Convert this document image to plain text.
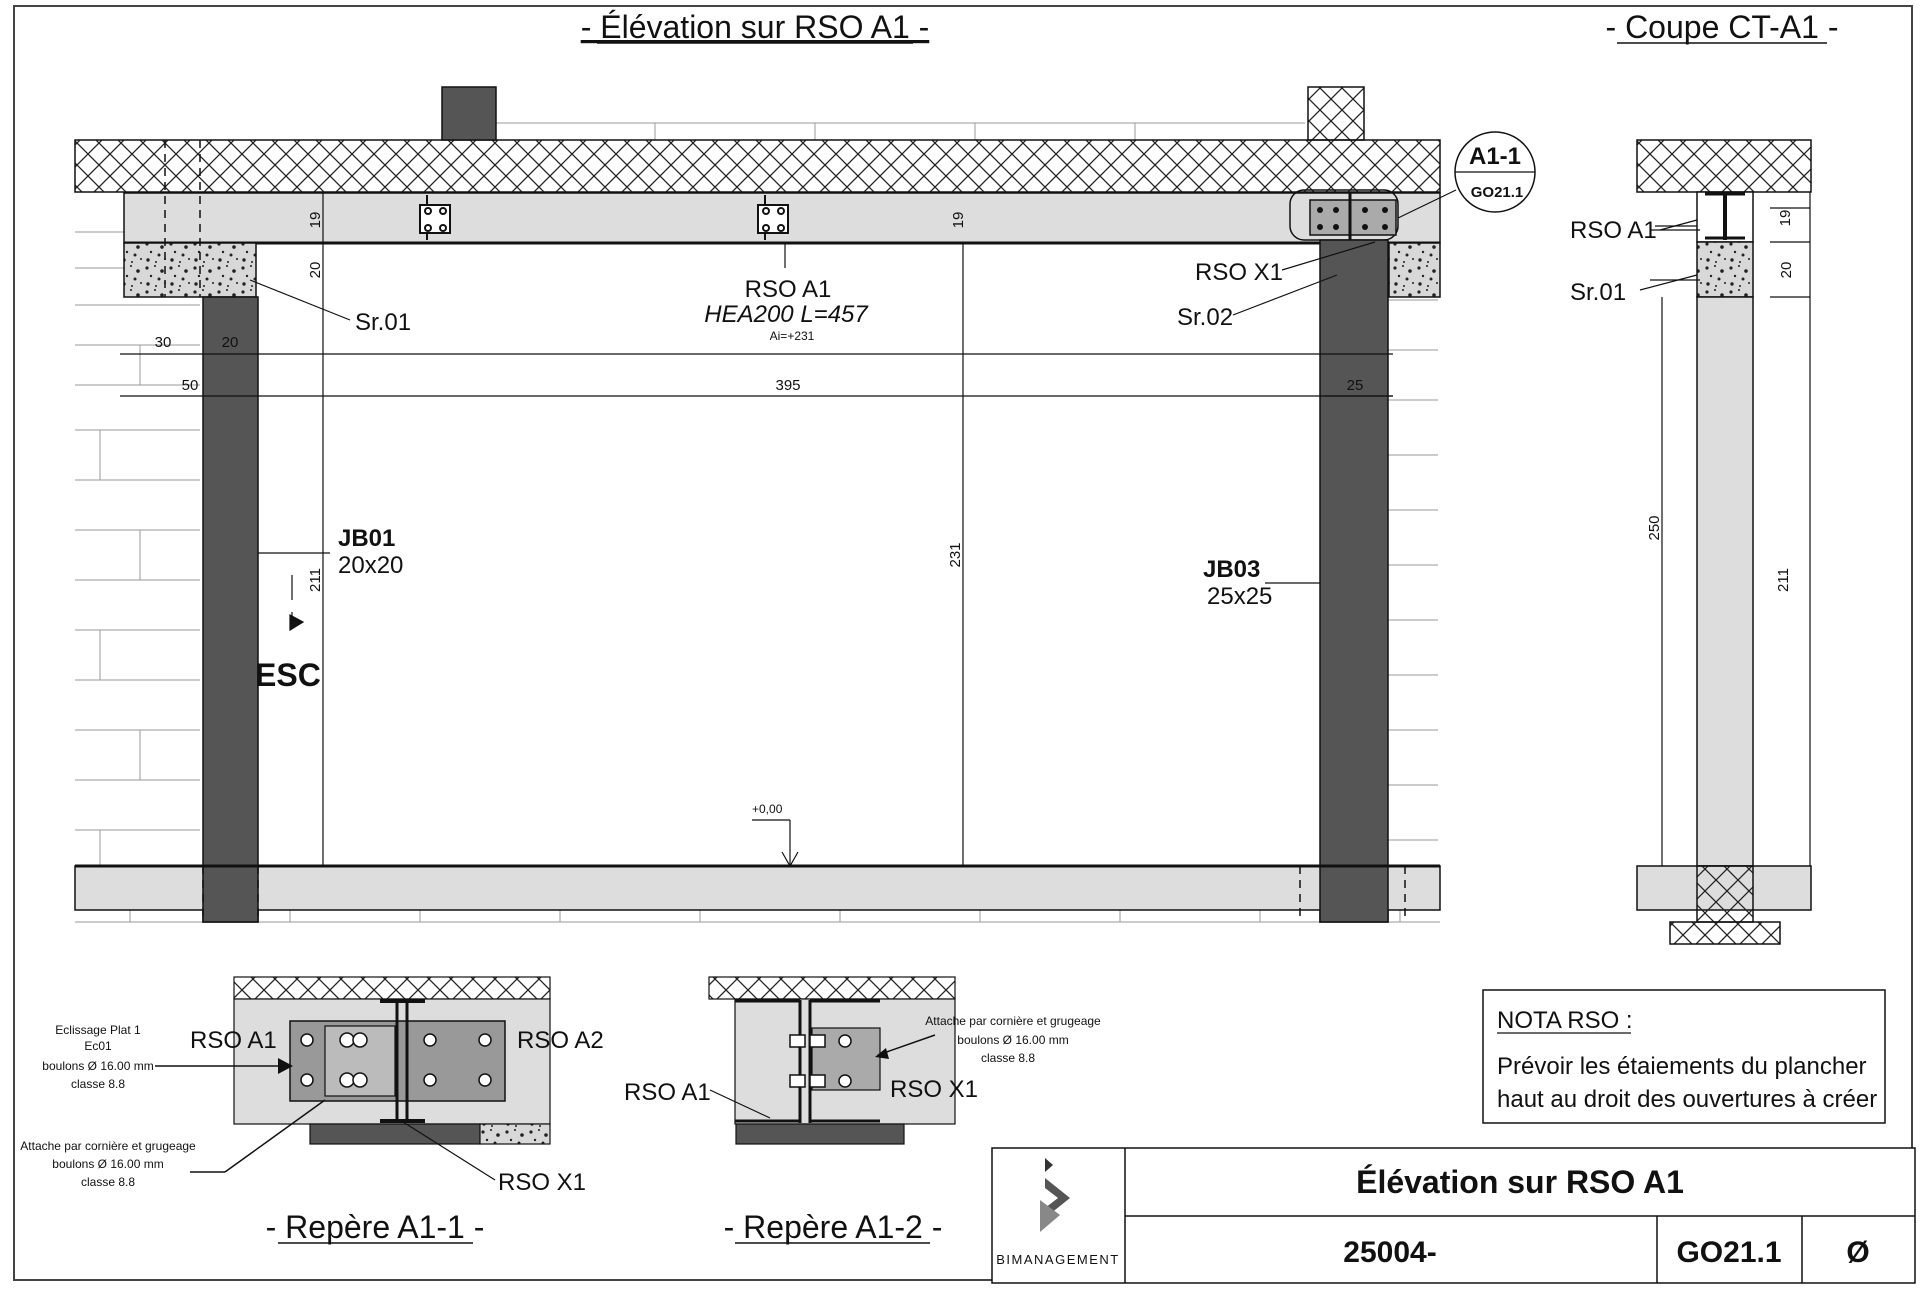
- Élévation sur RSO A1 -
A1-1
GO21.1
RSO A1
HEA200 L=457
Ai=+231
RSO X1
Sr.01	Sr.02
JB01
20x20	JB03
25x25
ESC
+0,00
19	19
20
30	20
50	395	25
211
231
- Coupe CT-A1 -
RSO A1
Sr.01
19
20
250
211
RSO A1	RSO A2
RSO X1
Eclissage Plat 1
Ec01
boulons Ø 16.00 mm
classe 8.8
Attache par cornière et grugeage
boulons Ø 16.00 mm
classe 8.8
- Repère A1-1 -
RSO A1	RSO X1
Attache par cornière et grugeage
boulons Ø 16.00 mm
classe 8.8
- Repère A1-2 -
NOTA RSO :
Prévoir les étaiements du plancher
haut au droit des ouvertures à créer
BIMANAGEMENT
Élévation sur RSO A1
25004-	GO21.1 Ø
